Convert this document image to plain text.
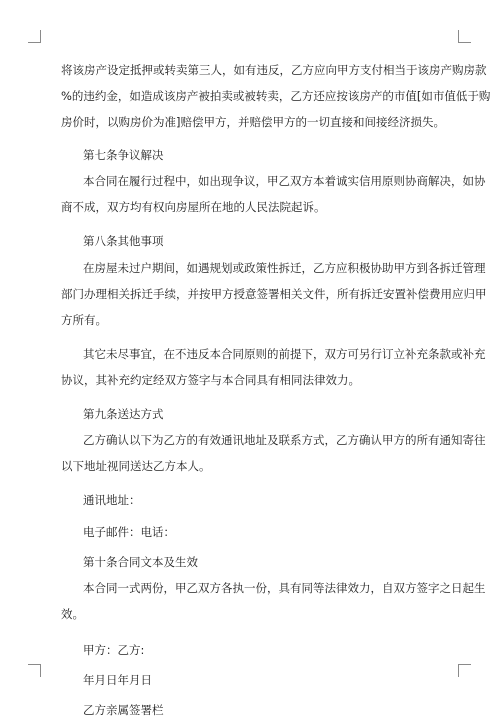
将该房产设定抵押或转卖第三人，如有违反，乙方应向甲方支付相当于该房产购房款
%的违约金，如造成该房产被拍卖或被转卖，乙方还应按该房产的市值[如市值低于购
房价时，以购房价为准]赔偿甲方，并赔偿甲方的一切直接和间接经济损失。
第七条争议解决
本合同在履行过程中，如出现争议，甲乙双方本着诚实信用原则协商解决，如协
商不成，双方均有权向房屋所在地的人民法院起诉。
第八条其他事项
在房屋未过户期间，如遇规划或政策性拆迁，乙方应积极协助甲方到各拆迁管理
部门办理相关拆迁手续，并按甲方授意签署相关文件，所有拆迁安置补偿费用应归甲
方所有。
其它未尽事宜，在不违反本合同原则的前提下，双方可另行订立补充条款或补充
协议，其补充约定经双方签字与本合同具有相同法律效力。
第九条送达方式
乙方确认以下为乙方的有效通讯地址及联系方式，乙方确认甲方的所有通知寄往
以下地址视同送达乙方本人。
通讯地址：
电子邮件：电话：
第十条合同文本及生效
本合同一式两份，甲乙双方各执一份，具有同等法律效力，自双方签字之日起生
效。
甲方：乙方:
年月日年月日
乙方亲属签署栏
